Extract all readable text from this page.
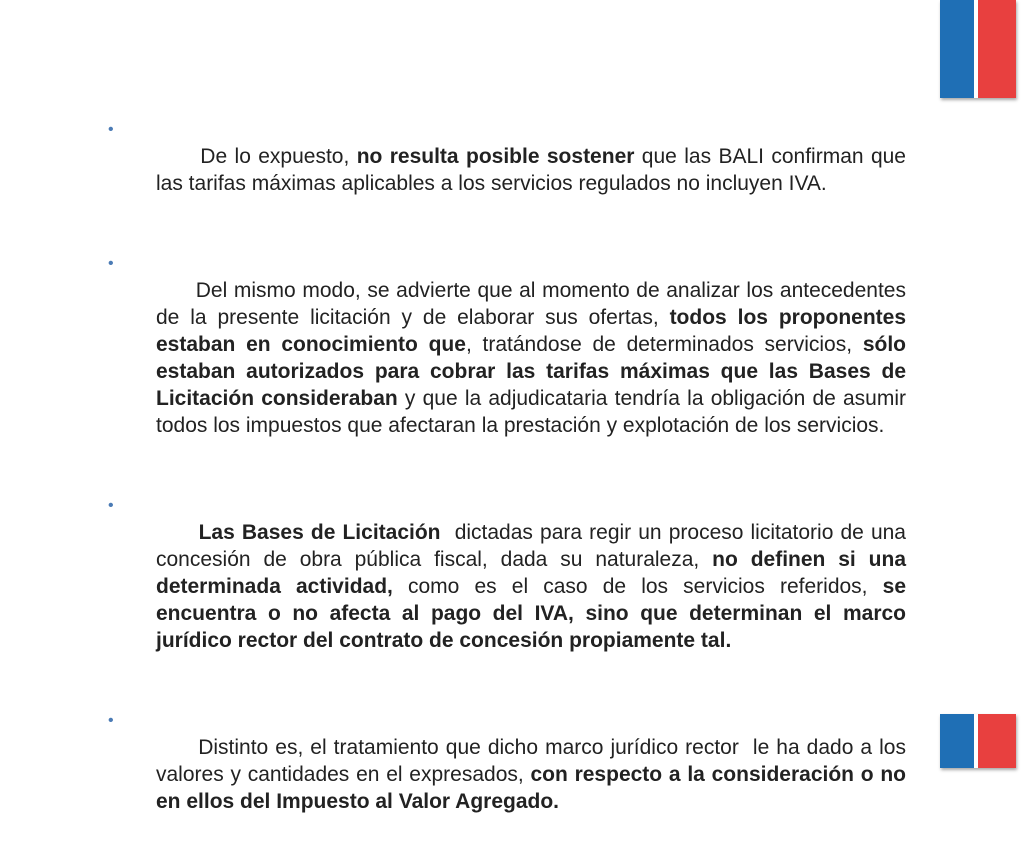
•

De lo expuesto, no resulta posible sostener que las BALI confirman que las tarifas máximas aplicables a los servicios regulados no incluyen IVA.

•

Del mismo modo, se advierte que al momento de analizar los antecedentes de la presente licitación y de elaborar sus ofertas, todos los proponentes estaban en conocimiento que, tratándose de determinados servicios, sólo estaban autorizados para cobrar las tarifas máximas que las Bases de Licitación consideraban y que la adjudicataria tendría la obligación de asumir todos los impuestos que afectaran la prestación y explotación de los servicios.

•

Las Bases de Licitación  dictadas para regir un proceso licitatorio de una concesión de obra pública fiscal, dada su naturaleza, no definen si una determinada actividad, como es el caso de los servicios referidos, se encuentra o no afecta al pago del IVA, sino que determinan el marco jurídico rector del contrato de concesión propiamente tal.

•

Distinto es, el tratamiento que dicho marco jurídico rector  le ha dado a los valores y cantidades en el expresados, con respecto a la consideración o no en ellos del Impuesto al Valor Agregado.
